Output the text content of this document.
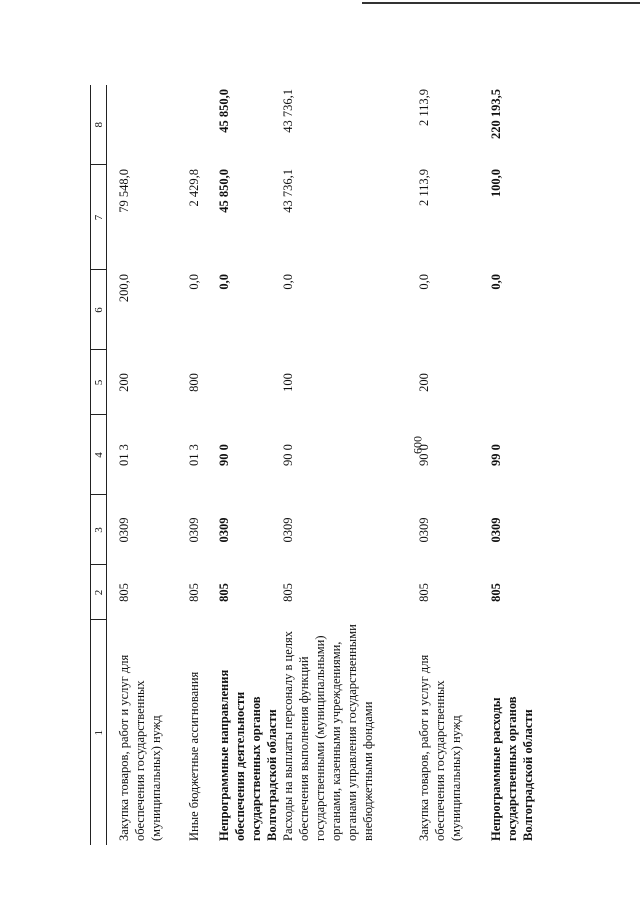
600
1	2	3	4	5	6	7	8
Закупка товаров, работ и услуг для обеспечения государственных (муниципальных) нужд	805	0309	01 3	200	200,0	79 548,0	
Иные бюджетные ассигнования	805	0309	01 3	800	0,0	2 429,8	
Непрограммные направления обеспечения деятельности государственных органов Волгоградской области	805	0309	90 0		0,0	45 850,0	45 850,0
Расходы на выплаты персоналу в целях обеспечения выполнения функций государственными (муниципальными) органами, казенными учреждениями, органами управления государственными внебюджетными фондами	805	0309	90 0	100	0,0	43 736,1	43 736,1
Закупка товаров, работ и услуг для обеспечения государственных (муниципальных) нужд	805	0309	90 0	200	0,0	2 113,9	2 113,9
Непрограммные расходы государственных органов Волгоградской области	805	0309	99 0		0,0	100,0	220 193,5
